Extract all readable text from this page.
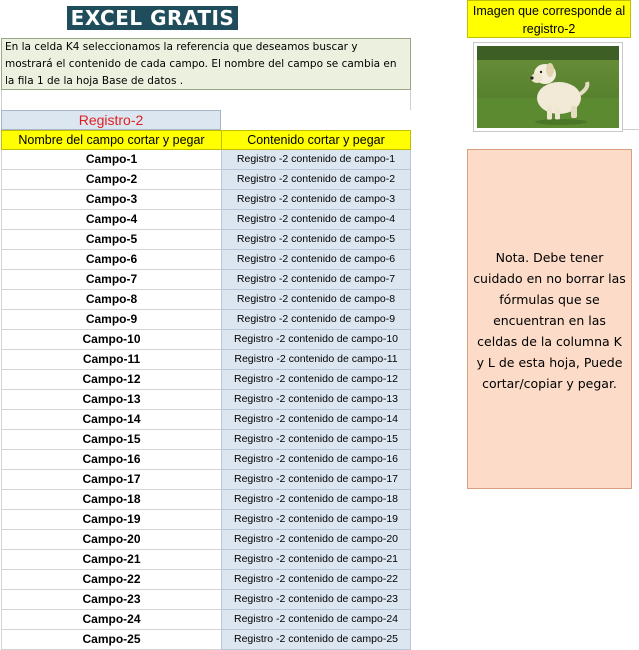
EXCEL GRATIS
En la celda K4 seleccionamos la referencia que deseamos buscar y mostrará el contenido de cada campo. El nombre del campo se cambia en la fila 1 de la hoja Base de datos .
Registro-2
Nombre del campo cortar y pegar	Contenido cortar y pegar
Campo-1	Registro -2 contenido de campo-1
Campo-2	Registro -2 contenido de campo-2
Campo-3	Registro -2 contenido de campo-3
Campo-4	Registro -2 contenido de campo-4
Campo-5	Registro -2 contenido de campo-5
Campo-6	Registro -2 contenido de campo-6
Campo-7	Registro -2 contenido de campo-7
Campo-8	Registro -2 contenido de campo-8
Campo-9	Registro -2 contenido de campo-9
Campo-10	Registro -2 contenido de campo-10
Campo-11	Registro -2 contenido de campo-11
Campo-12	Registro -2 contenido de campo-12
Campo-13	Registro -2 contenido de campo-13
Campo-14	Registro -2 contenido de campo-14
Campo-15	Registro -2 contenido de campo-15
Campo-16	Registro -2 contenido de campo-16
Campo-17	Registro -2 contenido de campo-17
Campo-18	Registro -2 contenido de campo-18
Campo-19	Registro -2 contenido de campo-19
Campo-20	Registro -2 contenido de campo-20
Campo-21	Registro -2 contenido de campo-21
Campo-22	Registro -2 contenido de campo-22
Campo-23	Registro -2 contenido de campo-23
Campo-24	Registro -2 contenido de campo-24
Campo-25	Registro -2 contenido de campo-25
Imagen que corresponde al registro-2
Nota. Debe tener cuidado en no borrar las fórmulas que se encuentran en las celdas de la columna K y L de esta hoja, Puede cortar/copiar y pegar.
